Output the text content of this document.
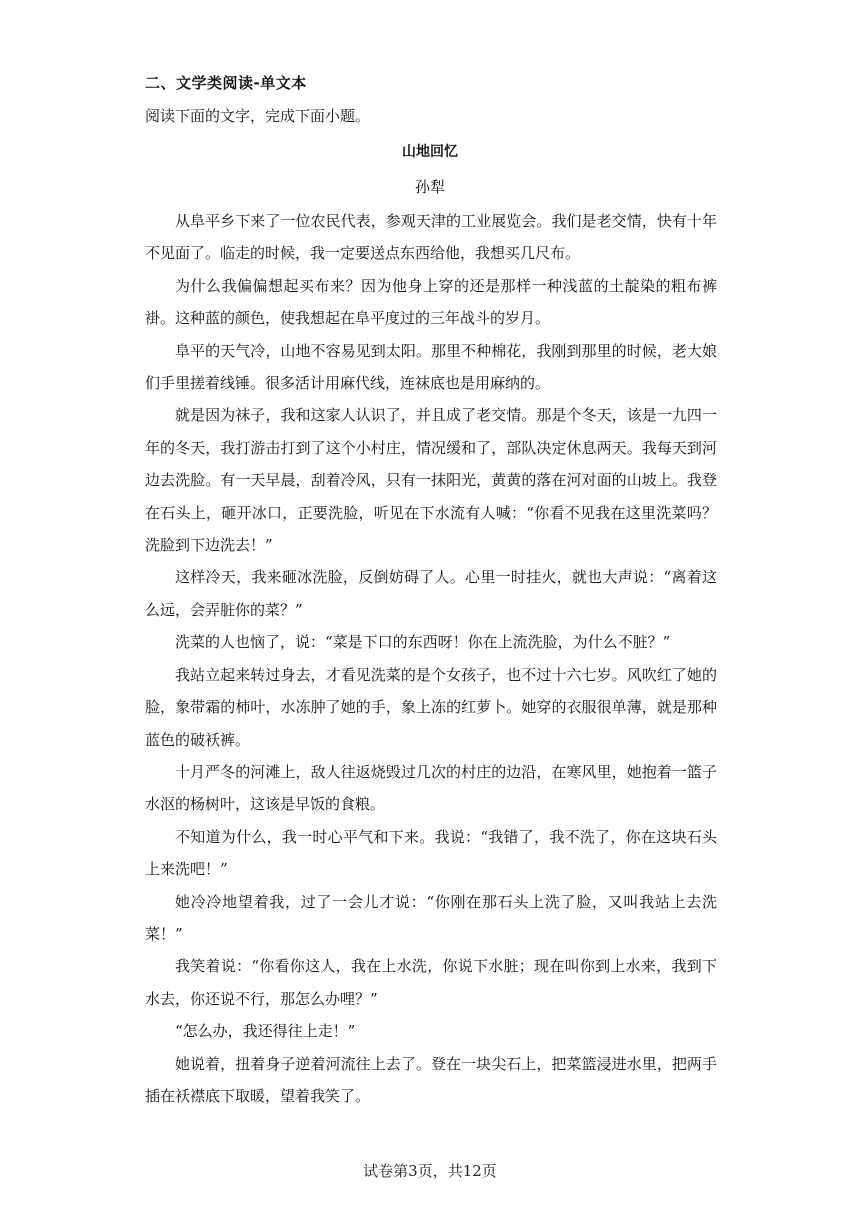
二、文学类阅读-单文本
阅读下面的文字，完成下面小题。
山地回忆
孙犁

从阜平乡下来了一位农民代表，参观天津的工业展览会。我们是老交情，快有十年不见面了。临走的时候，我一定要送点东西给他，我想买几尺布。

为什么我偏偏想起买布来？因为他身上穿的还是那样一种浅蓝的土靛染的粗布裤褂。这种蓝的颜色，使我想起在阜平度过的三年战斗的岁月。

阜平的天气冷，山地不容易见到太阳。那里不种棉花，我刚到那里的时候，老大娘们手里搓着线锤。很多活计用麻代线，连袜底也是用麻纳的。

就是因为袜子，我和这家人认识了，并且成了老交情。那是个冬天，该是一九四一年的冬天，我打游击打到了这个小村庄，情况缓和了，部队决定休息两天。我每天到河边去洗脸。有一天早晨，刮着冷风，只有一抹阳光，黄黄的落在河对面的山坡上。我登在石头上，砸开冰口，正要洗脸，听见在下水流有人喊：“你看不见我在这里洗菜吗？洗脸到下边洗去！”

这样冷天，我来砸冰洗脸，反倒妨碍了人。心里一时挂火，就也大声说：“离着这么远，会弄脏你的菜？”

洗菜的人也恼了，说：“菜是下口的东西呀！你在上流洗脸，为什么不脏？”

我站立起来转过身去，才看见洗菜的是个女孩子，也不过十六七岁。风吹红了她的脸，象带霜的柿叶，水冻肿了她的手，象上冻的红萝卜。她穿的衣服很单薄，就是那种蓝色的破袄裤。

十月严冬的河滩上，敌人往返烧毁过几次的村庄的边沿，在寒风里，她抱着一篮子水沤的杨树叶，这该是早饭的食粮。

不知道为什么，我一时心平气和下来。我说：“我错了，我不洗了，你在这块石头上来洗吧！”

她冷冷地望着我，过了一会儿才说：“你刚在那石头上洗了脸，又叫我站上去洗菜！”

我笑着说：“你看你这人，我在上水洗，你说下水脏；现在叫你到上水来，我到下水去，你还说不行，那怎么办哩？”

“怎么办，我还得往上走！”

她说着，扭着身子逆着河流往上去了。登在一块尖石上，把菜篮浸进水里，把两手插在袄襟底下取暖，望着我笑了。

试卷第3页，共12页
